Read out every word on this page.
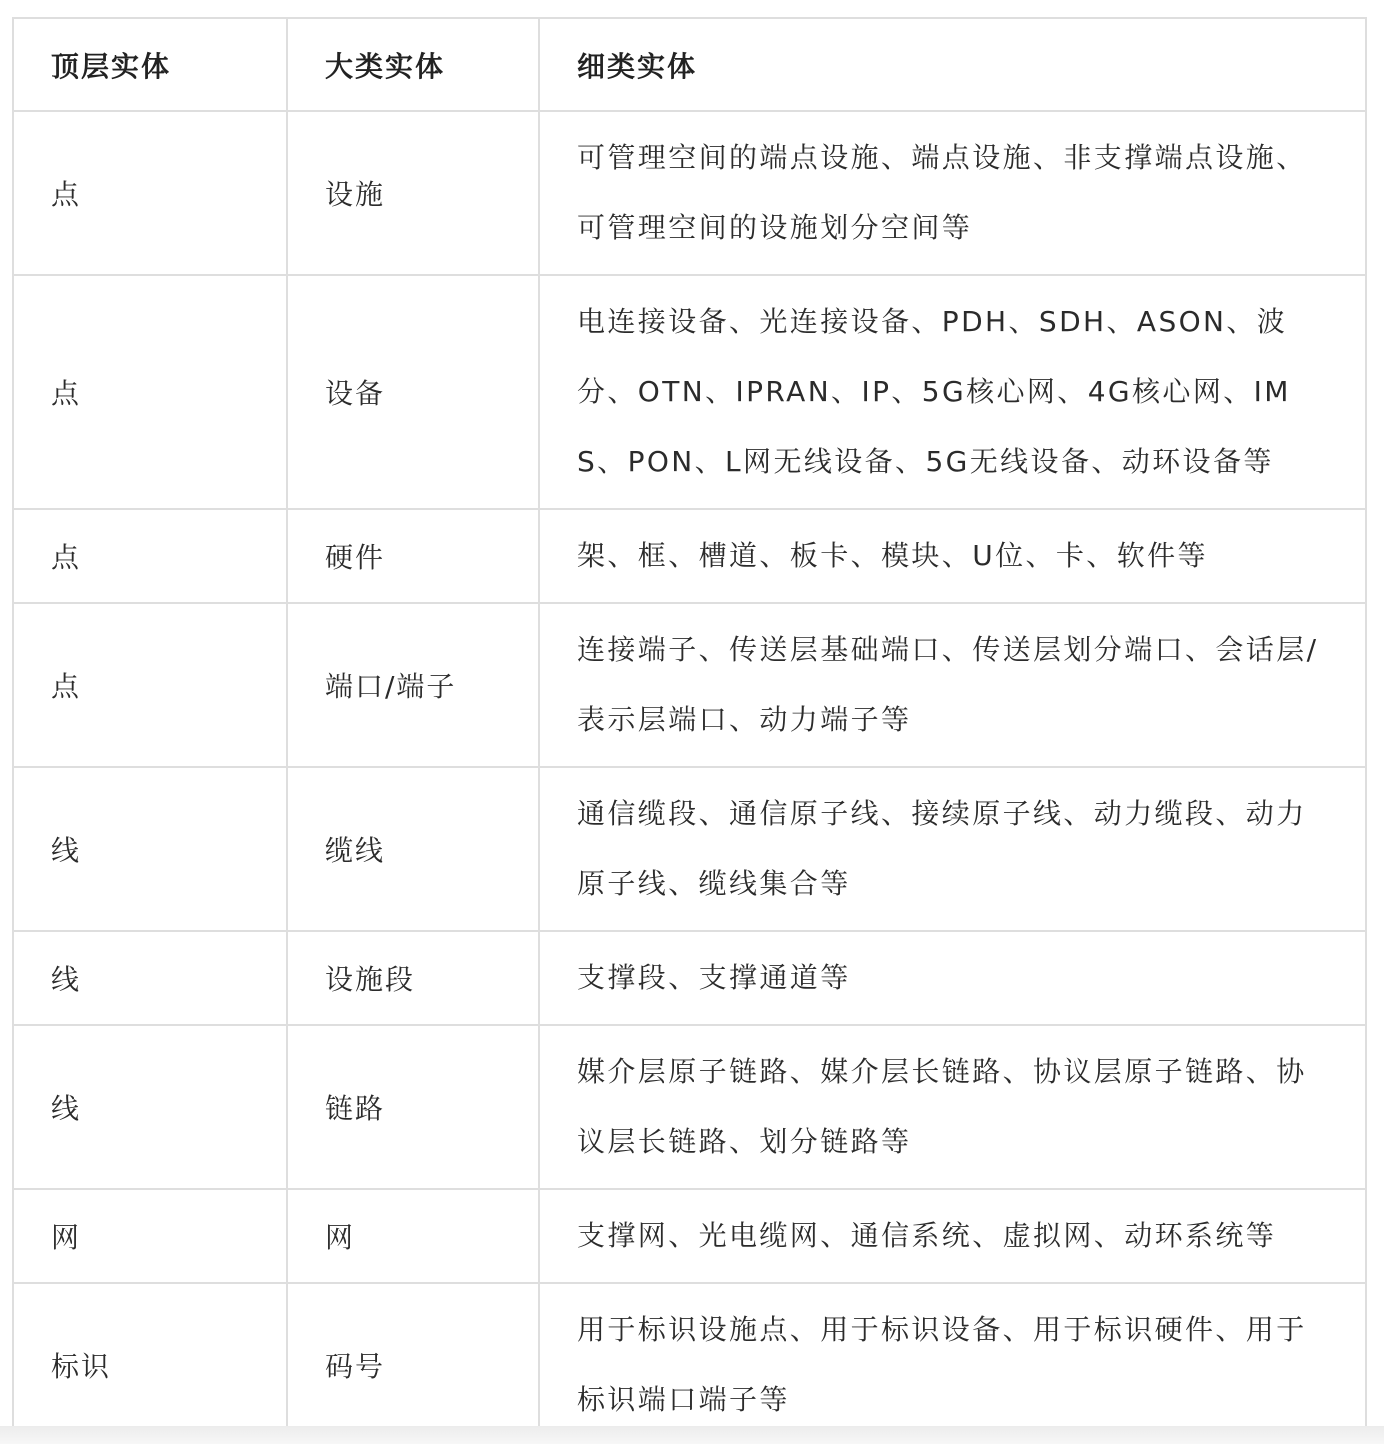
顶层实体	大类实体	细类实体
点	设施	可管理空间的端点设施、端点设施、非支撑端点设施、可管理空间的设施划分空间等
点	设备	电连接设备、光连接设备、PDH、SDH、ASON、波分、OTN、IPRAN、IP、5G核心网、4G核心网、IMS、PON、L网无线设备、5G无线设备、动环设备等
点	硬件	架、框、槽道、板卡、模块、U位、卡、软件等
点	端口/端子	连接端子、传送层基础端口、传送层划分端口、会话层/表示层端口、动力端子等
线	缆线	通信缆段、通信原子线、接续原子线、动力缆段、动力原子线、缆线集合等
线	设施段	支撑段、支撑通道等
线	链路	媒介层原子链路、媒介层长链路、协议层原子链路、协议层长链路、划分链路等
网	网	支撑网、光电缆网、通信系统、虚拟网、动环系统等
标识	码号	用于标识设施点、用于标识设备、用于标识硬件、用于标识端口端子等
